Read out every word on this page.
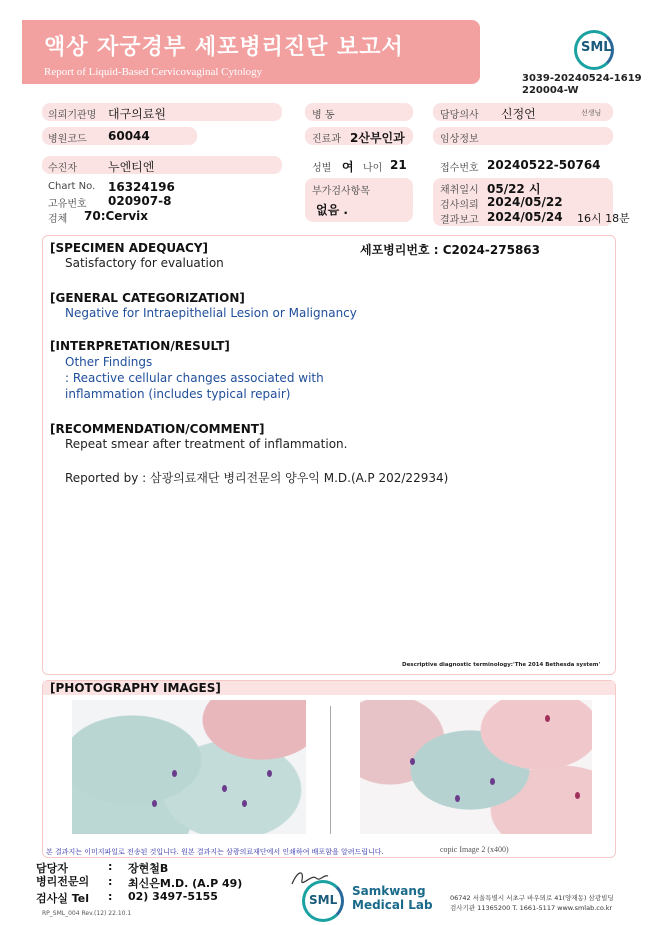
액상 자궁경부 세포병리진단 보고서
Report of Liquid-Based Cervicovaginal Cytology
SML
3039-20240524-1619
220004-W
의뢰기관명 대구의료원
병원코드 60044
수진자	누엔티엔
Chart No. 16324196
고유번호 020907-8
검체 70:Cervix
병 동
진료과 2산부인과
성별 여 나이 21
부가검사항목
없음 .
담당의사 신정언	선생님
임상정보
접수번호 20240522-50764
채취일시 05/22 시
검사의뢰 2024/05/22
결과보고 2024/05/24 16시 18분
[SPECIMEN ADEQUACY]	세포병리번호 : C2024-275863
Satisfactory for evaluation
[GENERAL CATEGORIZATION]
Negative for Intraepithelial Lesion or Malignancy
[INTERPRETATION/RESULT]
Other Findings
: Reactive cellular changes associated with
inflammation (includes typical repair)
[RECOMMENDATION/COMMENT]
Repeat smear after treatment of inflammation.
Reported by : 삼광의료재단 병리전문의 양우익 M.D.(A.P 202/22934)
Descriptive diagnostic terminology:'The 2014 Bethesda system'
[PHOTOGRAPHY IMAGES]
copic Image 2 (x400)
본 결과지는 이미지파일로 전송된 것입니다. 원본 결과지는 삼광의료재단에서 인쇄하여 배포함을 알려드립니다.
담당자	: 장현철B
병리전문의 : 최신은M.D. (A.P 49)
검사실 Tel : 02) 3497-5155	SML
Samkwang
Medical Lab	06742 서울특별시 서초구 바우뫼로 41(양재동) 삼광빌딩
검사기관 11365200 T. 1661-5117 www.smlab.co.kr
RP_SML_004 Rev.(12) 22.10.1
